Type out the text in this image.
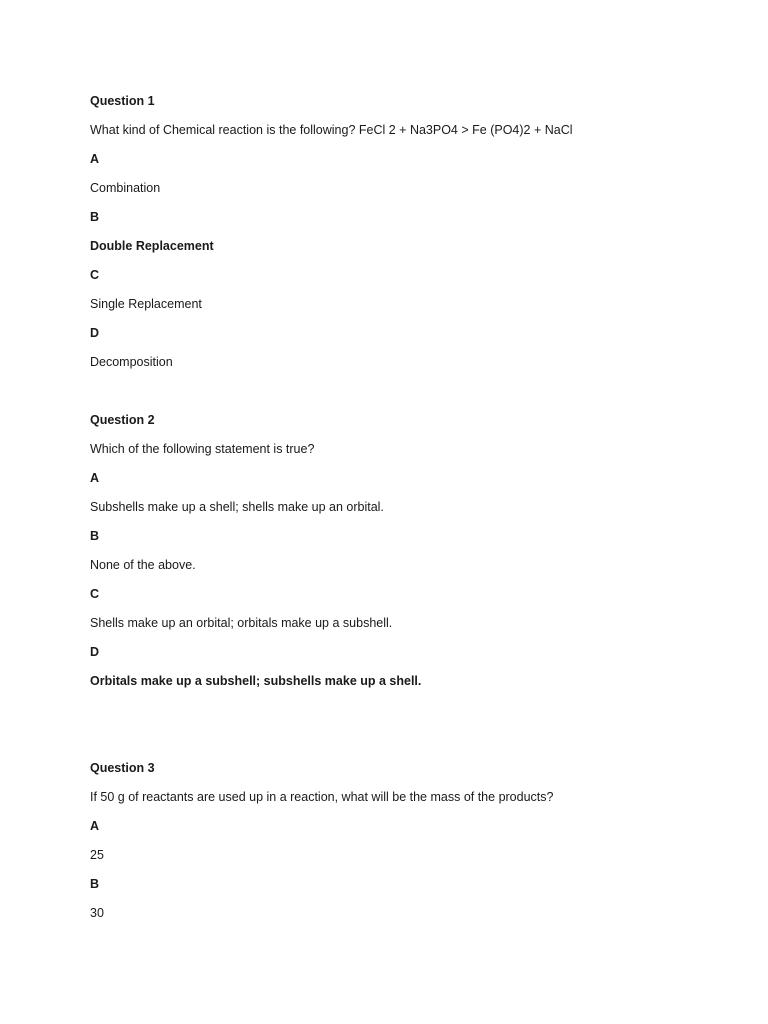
Question 1
What kind of Chemical reaction is the following? FeCl 2 + Na3PO4 > Fe (PO4)2 + NaCl
A
Combination
B
Double Replacement
C
Single Replacement
D
Decomposition
Question 2
Which of the following statement is true?
A
Subshells make up a shell; shells make up an orbital.
B
None of the above.
C
Shells make up an orbital; orbitals make up a subshell.
D
Orbitals make up a subshell; subshells make up a shell.
Question 3
If 50 g of reactants are used up in a reaction, what will be the mass of the products?
A
25
B
30
